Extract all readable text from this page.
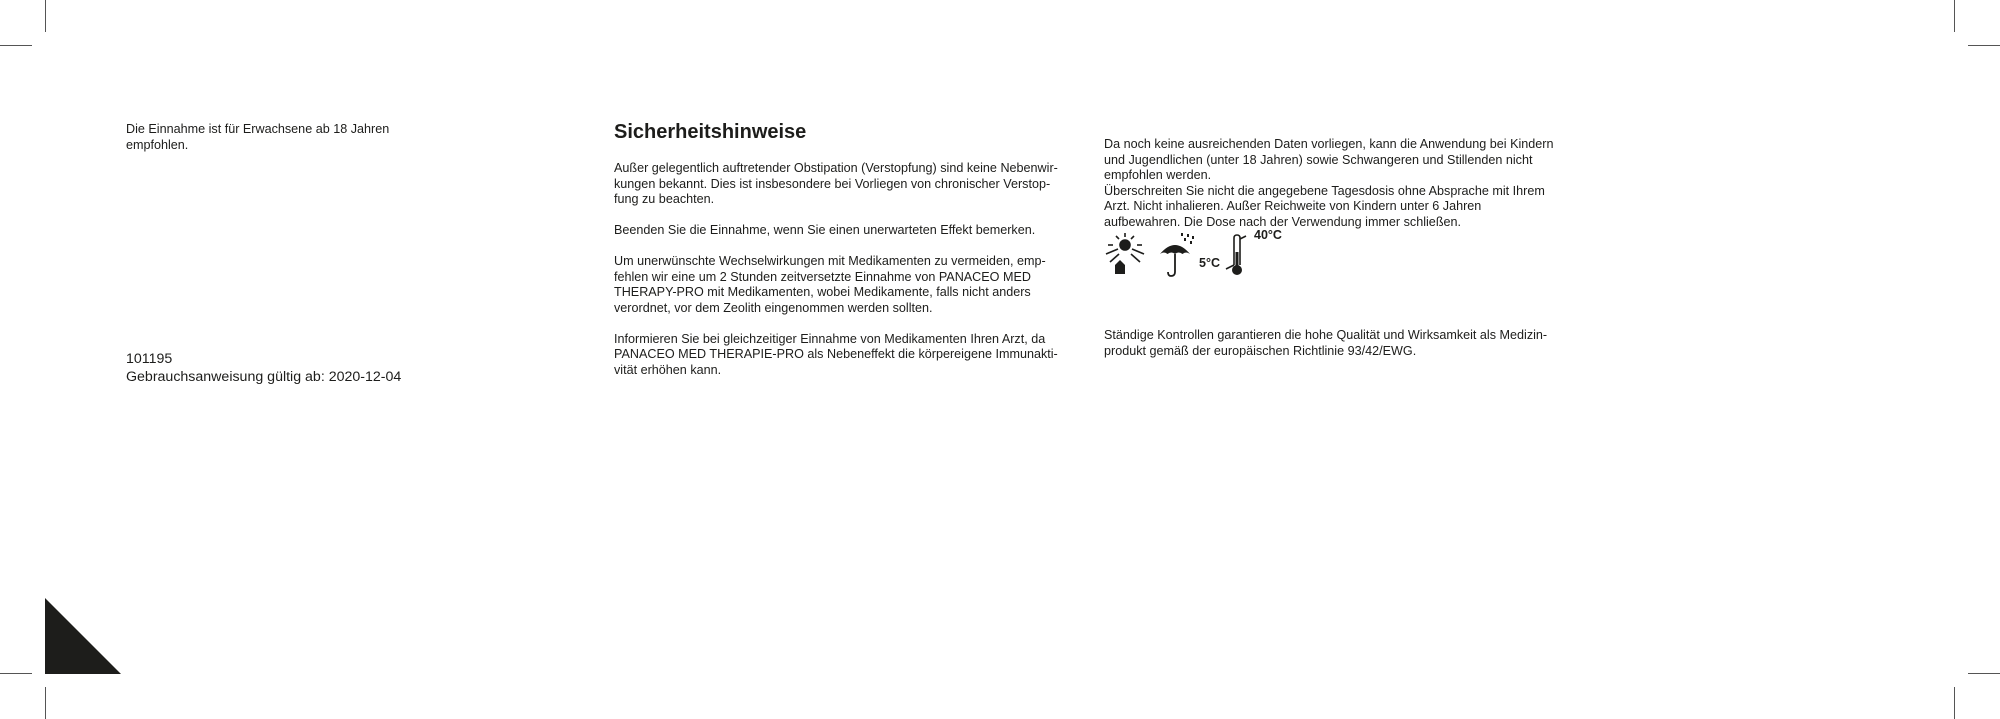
Die Einnahme ist für Erwachsene ab 18 Jahren
empfohlen.

101195

Gebrauchsanweisung gültig ab: 2020-12-04

Sicherheitshinweise

Außer gelegentlich auftretender Obstipation (Verstopfung) sind keine Nebenwir-
kungen bekannt. Dies ist insbesondere bei Vorliegen von chronischer Verstop-
fung zu beachten.

Beenden Sie die Einnahme, wenn Sie einen unerwarteten Effekt bemerken.

Um unerwünschte Wechselwirkungen mit Medikamenten zu vermeiden, emp-
fehlen wir eine um 2 Stunden zeitversetzte Einnahme von PANACEO MED
THERAPY-PRO mit Medikamenten, wobei Medikamente, falls nicht anders
verordnet, vor dem Zeolith eingenommen werden sollten.

Informieren Sie bei gleichzeitiger Einnahme von Medikamenten Ihren Arzt, da
PANACEO MED THERAPIE-PRO als Nebeneffekt die körpereigene Immunakti-
vität erhöhen kann.

Da noch keine ausreichenden Daten vorliegen, kann die Anwendung bei Kindern
und Jugendlichen (unter 18 Jahren) sowie Schwangeren und Stillenden nicht
empfohlen werden.
Überschreiten Sie nicht die angegebene Tagesdosis ohne Absprache mit Ihrem
Arzt. Nicht inhalieren. Außer Reichweite von Kindern unter 6 Jahren
aufbewahren. Die Dose nach der Verwendung immer schließen.

40°C
5°C

Ständige Kontrollen garantieren die hohe Qualität und Wirksamkeit als Medizin-
produkt gemäß der europäischen Richtlinie 93/42/EWG.
